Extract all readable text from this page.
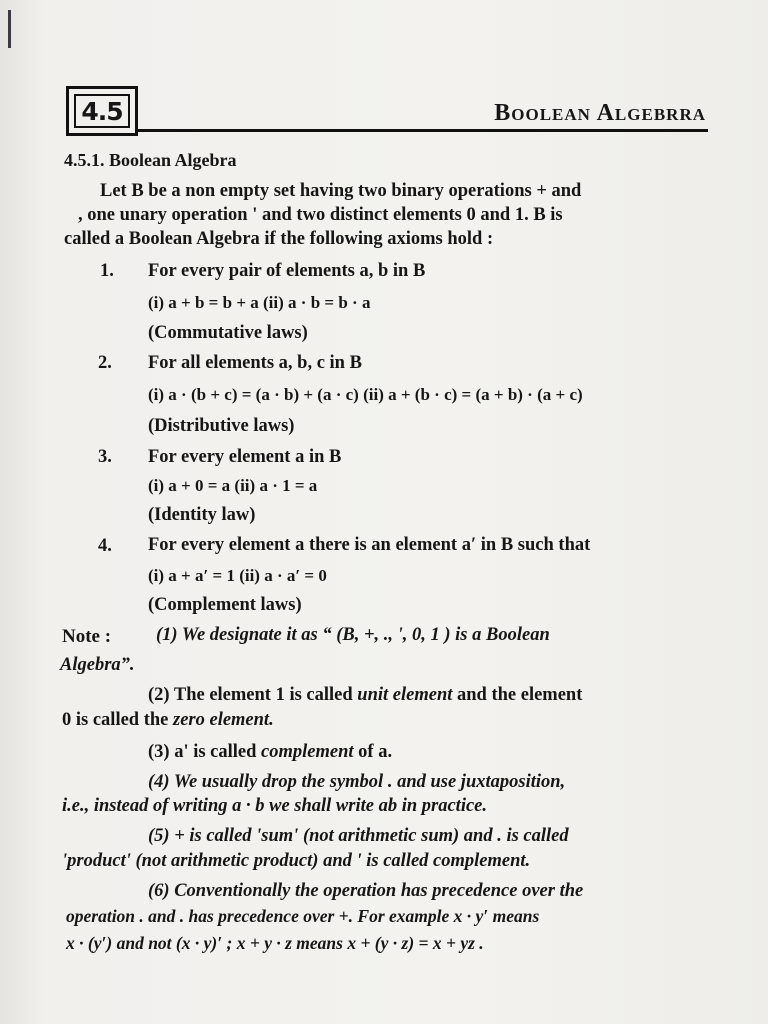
4.5	Boolean Algebrra
4.5.1. Boolean Algebra
Let B be a non empty set having two binary operations + and
, one unary operation ' and two distinct elements 0 and 1. B is
called a Boolean Algebra if the following axioms hold :
1.	For every pair of elements a, b in B
(i) a + b = b + a (ii) a · b = b · a
(Commutative laws)
2.	For all elements a, b, c in B
(i) a · (b + c) = (a · b) + (a · c) (ii) a + (b · c) = (a + b) · (a + c)
(Distributive laws)
3.	For every element a in B
(i) a + 0 = a (ii) a · 1 = a
(Identity law)
4.	For every element a there is an element a′ in B such that
(i) a + a′ = 1 (ii) a · a′ = 0
(Complement laws)
Note : (1) We designate it as “ (B, +, ., ', 0, 1 ) is a Boolean
Algebra”.
(2) The element 1 is called unit element and the element
0 is called the zero element.
(3) a' is called complement of a.
(4) We usually drop the symbol . and use juxtaposition,
i.e., instead of writing a · b we shall write ab in practice.
(5) + is called 'sum' (not arithmetic sum) and . is called
'product' (not arithmetic product) and ' is called complement.
(6) Conventionally the operation has precedence over the
operation . and . has precedence over +. For example x · y′ means
x · (y′) and not (x · y)′ ; x + y · z means x + (y · z) = x + yz .
